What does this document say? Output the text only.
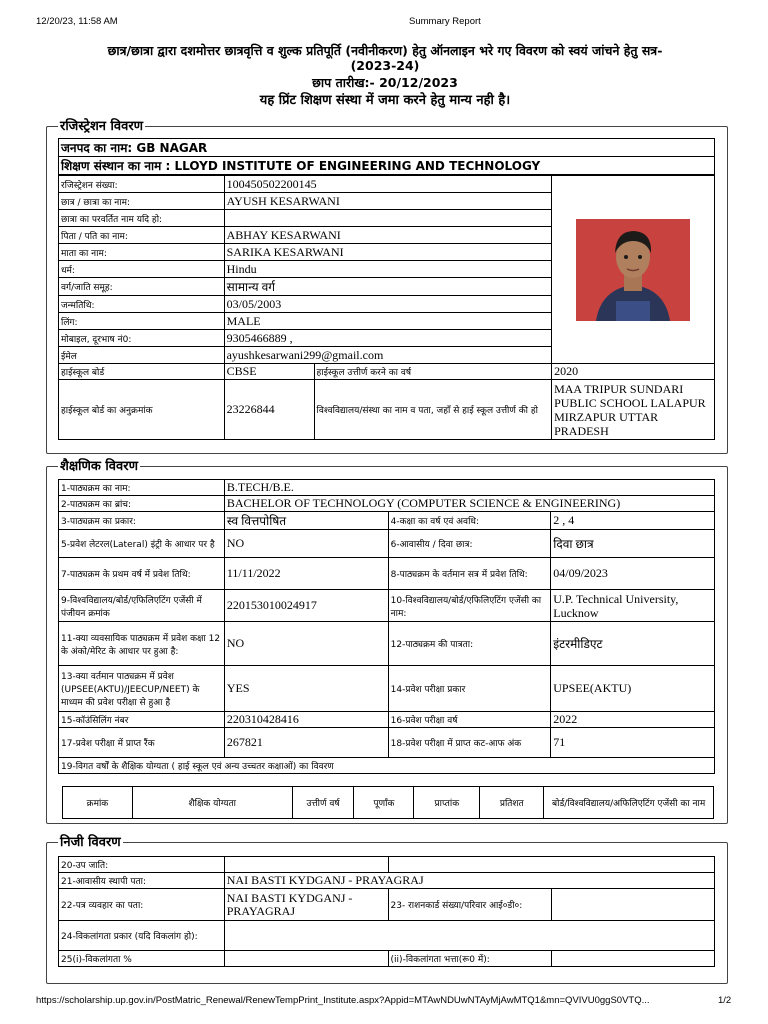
12/20/23, 11:58 AM	Summary Report
https://scholarship.up.gov.in/PostMatric_Renewal/RenewTempPrint_Institute.aspx?Appid=MTAwNDUwNTAyMjAwMTQ1&mn=QVIVU0ggS0VTQ...	1/2
छात्र/छात्रा द्वारा दशमोत्तर छात्रवृत्ति व शुल्क प्रतिपूर्ति (नवीनीकरण) हेतु ऑनलाइन भरे गए विवरण को स्वयं जांचने हेतु सत्र-
(2023-24)
छाप तारीख:- 20/12/2023
यह प्रिंट शिक्षण संस्था में जमा करने हेतु मान्य नही है।
रजिस्ट्रेशन विवरण
जनपद का नाम: GB NAGAR
शिक्षण संस्थान का नाम : LLOYD INSTITUTE OF ENGINEERING AND TECHNOLOGY
रजिस्ट्रेशन संख्या:	100450502200145	

छात्र / छात्रा का नाम:	AYUSH KESARWANI		
छात्रा का परवर्तित नाम यदि हो:			
पिता / पति का नाम:	ABHAY KESARWANI		
माता का नाम:	SARIKA KESARWANI		
धर्म:	Hindu		
वर्ग/जाति समूह:	सामान्य वर्ग		
जन्मतिथि:	03/05/2003		
लिंग:	MALE		
मोबाइल, दूरभाष नं0:	9305466889 ,		
ईमेल	ayushkesarwani299@gmail.com		
हाईस्कूल बोर्ड	CBSE	हाईस्कूल उत्तीर्ण करने का वर्ष	2020
हाईस्कूल बोर्ड का अनुक्रमांक	23226844	विश्वविद्यालय/संस्था का नाम व पता, जहाँ से हाई स्कूल उत्तीर्ण की हो	MAA TRIPUR SUNDARI PUBLIC SCHOOL LALAPUR MIRZAPUR UTTAR PRADESH
शैक्षणिक विवरण
1-पाठ्यक्रम का नाम:	B.TECH/B.E.		
2-पाठ्यक्रम का ब्रांच:	BACHELOR OF TECHNOLOGY (COMPUTER SCIENCE & ENGINEERING)		
3-पाठ्यक्रम का प्रकार:	स्व वित्तपोषित	4-कक्षा का वर्ष एवं अवधि:	2 , 4
5-प्रवेश लेटरल(Lateral) इंट्री के आधार पर है	NO	6-आवासीय / दिवा छात्र:	दिवा छात्र
7-पाठ्यक्रम के प्रथम वर्ष में प्रवेश तिथि:	11/11/2022	8-पाठ्यक्रम के वर्तमान सत्र में प्रवेश तिथि:	04/09/2023
9-विश्वविद्यालय/बोर्ड/एफिलिएटिंग एजेंसी में पंजीयन क्रमांक	220153010024917	10-विश्वविद्यालय/बोर्ड/एफिलिएटिंग एजेंसी का नाम:	U.P. Technical University, Lucknow
11-क्या व्यवसायिक पाठ्यक्रम में प्रवेश कक्षा 12 के अंको/मेरिट के आधार पर हुआ है:	NO	12-पाठ्यक्रम की पात्रता:	इंटरमीडिएट
13-क्या वर्तमान पाठ्यक्रम में प्रवेश (UPSEE(AKTU)/JEECUP/NEET) के माध्यम की प्रवेश परीक्षा से हुआ है	YES	14-प्रवेश परीक्षा प्रकार	UPSEE(AKTU)
15-कॉउंसिलिंग नंबर	220310428416	16-प्रवेश परीक्षा वर्ष	2022
17-प्रवेश परीक्षा में प्राप्त रैंक	267821	18-प्रवेश परीक्षा में प्राप्त कट-आफ अंक	71
19-विगत वर्षों के शैक्षिक योग्यता ( हाई स्कूल एवं अन्य उच्चतर कक्षाओं) का विवरण			
क्रमांक	शैक्षिक योग्यता	उत्तीर्ण वर्ष	पूर्णांक	प्राप्तांक	प्रतिशत	बोर्ड/विश्वविद्यालय/अफिलिएटिंग एजेंसी का नाम
निजी विवरण
20-उप जाति:			
21-आवासीय स्थापी पता:	NAI BASTI KYDGANJ - PRAYAGRAJ		
22-पत्र व्यवहार का पता:	NAI BASTI KYDGANJ - PRAYAGRAJ	23- राशनकार्ड संख्या/परिवार आई०डी०:	
24-विकलांगता प्रकार (यदि विकलांग हो):			
25(i)-विकलांगता %		(ii)-विकलांगता भत्ता(रू0 में):	
